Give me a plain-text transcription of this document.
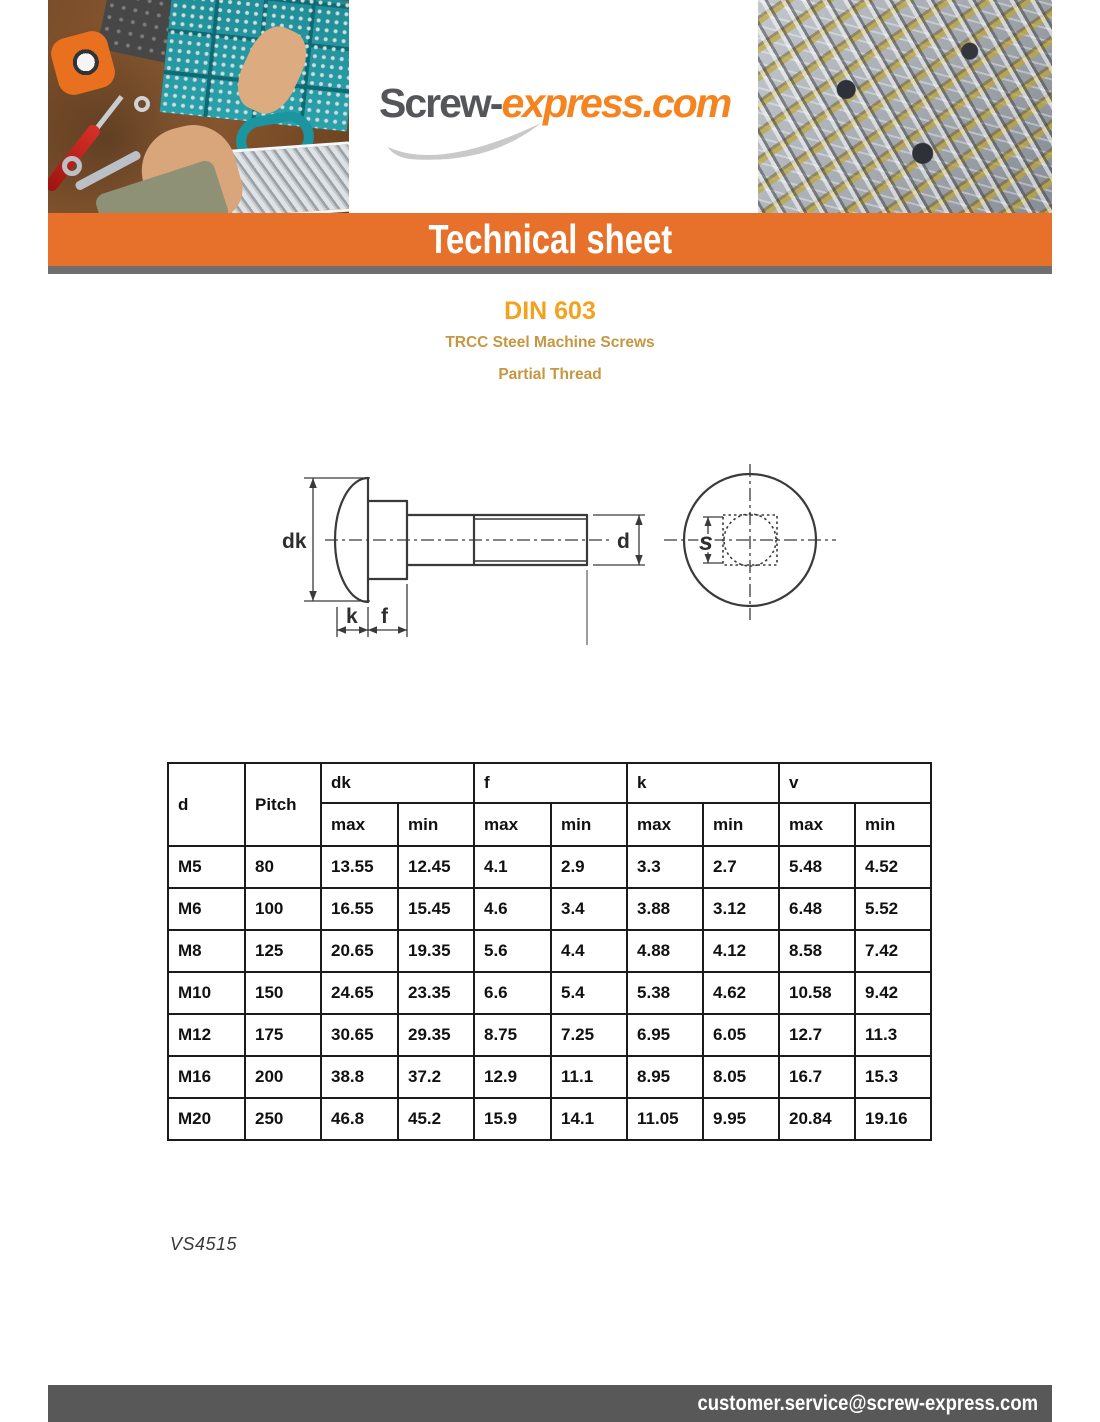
Screw-express.com
Technical sheet
DIN 603

TRCC Steel Machine Screws

Partial Thread

dk
k f
d	s
d	Pitch	dk		f		k		v	
		max	min	max	min	max	min	max	min
M5	80	13.55	12.45	4.1	2.9	3.3	2.7	5.48	4.52
M6	100	16.55	15.45	4.6	3.4	3.88	3.12	6.48	5.52
M8	125	20.65	19.35	5.6	4.4	4.88	4.12	8.58	7.42
M10	150	24.65	23.35	6.6	5.4	5.38	4.62	10.58	9.42
M12	175	30.65	29.35	8.75	7.25	6.95	6.05	12.7	11.3
M16	200	38.8	37.2	12.9	11.1	8.95	8.05	16.7	15.3
M20	250	46.8	45.2	15.9	14.1	11.05	9.95	20.84	19.16

VS4515

customer.service@screw-express.com
